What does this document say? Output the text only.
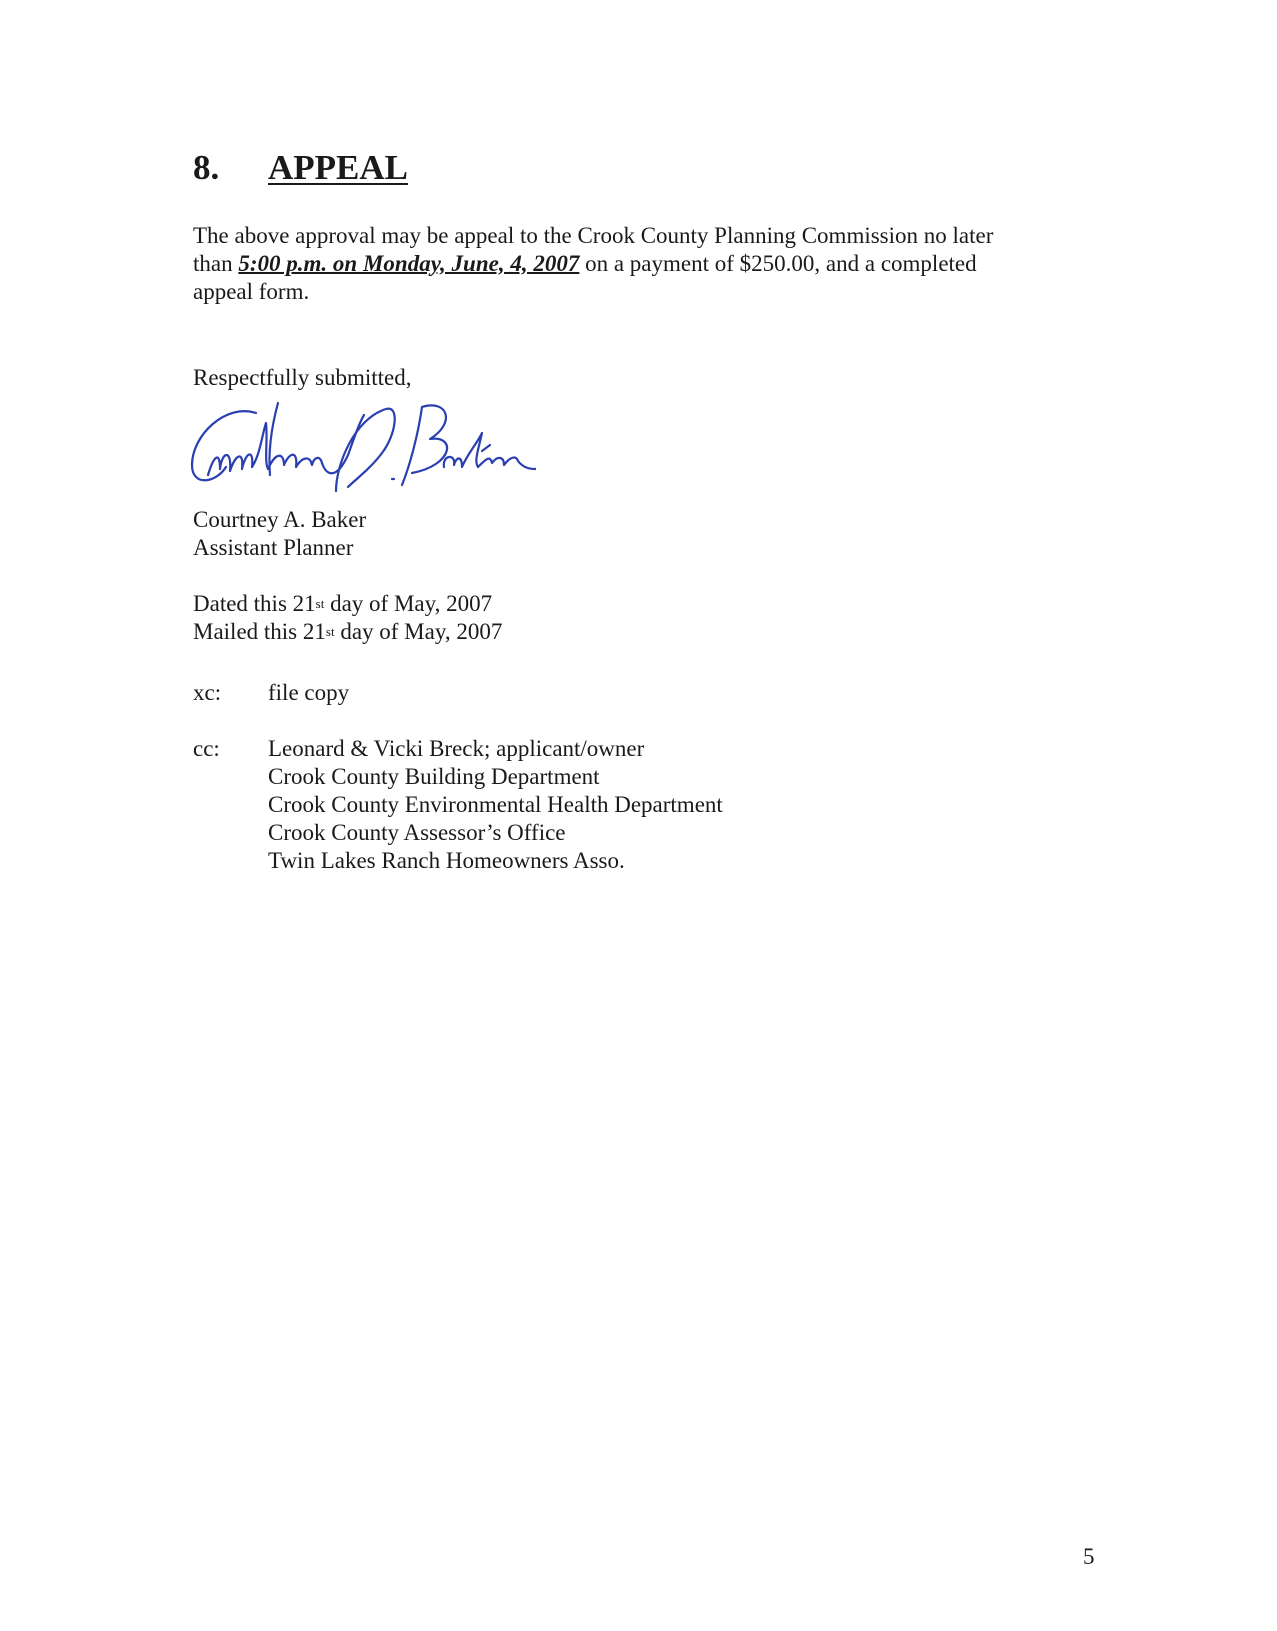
8. APPEAL
The above approval may be appeal to the Crook County Planning Commission no later
than 5:00 p.m. on Monday, June, 4, 2007 on a payment of $250.00, and a completed
appeal form.
Respectfully submitted,
Courtney A. Baker
Assistant Planner
Dated this 21st day of May, 2007
Mailed this 21st day of May, 2007
xc:	file copy
cc:	Leonard & Vicki Breck; applicant/owner
Crook County Building Department
Crook County Environmental Health Department
Crook County Assessor’s Office
Twin Lakes Ranch Homeowners Asso.
5
